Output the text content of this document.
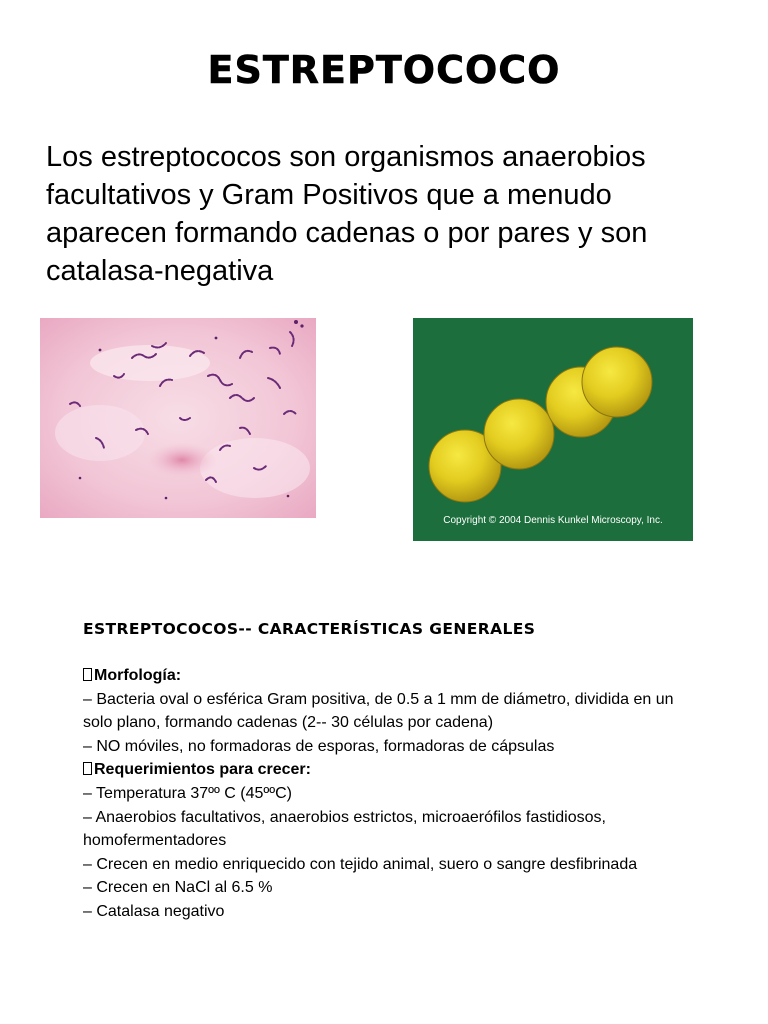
ESTREPTOCOCO
Los estreptococos son organismos anaerobios facultativos y Gram Positivos que a menudo aparecen formando cadenas o por pares y son catalasa-negativa
Copyright © 2004 Dennis Kunkel Microscopy, Inc.
ESTREPTOCOCOS-- CARACTERÍSTICAS GENERALES

Morfología:

– Bacteria oval o esférica Gram positiva, de 0.5 a 1 mm de diámetro, dividida en un solo plano, formando cadenas (2-- 30 células por cadena)

– NO móviles, no formadoras de esporas, formadoras de cápsulas

Requerimientos para crecer:

– Temperatura 37ºº C (45ººC)

– Anaerobios facultativos, anaerobios estrictos, microaerófilos fastidiosos, homofermentadores

– Crecen en medio enriquecido con tejido animal, suero o sangre desfibrinada

– Crecen en NaCl al 6.5 %

– Catalasa negativo
